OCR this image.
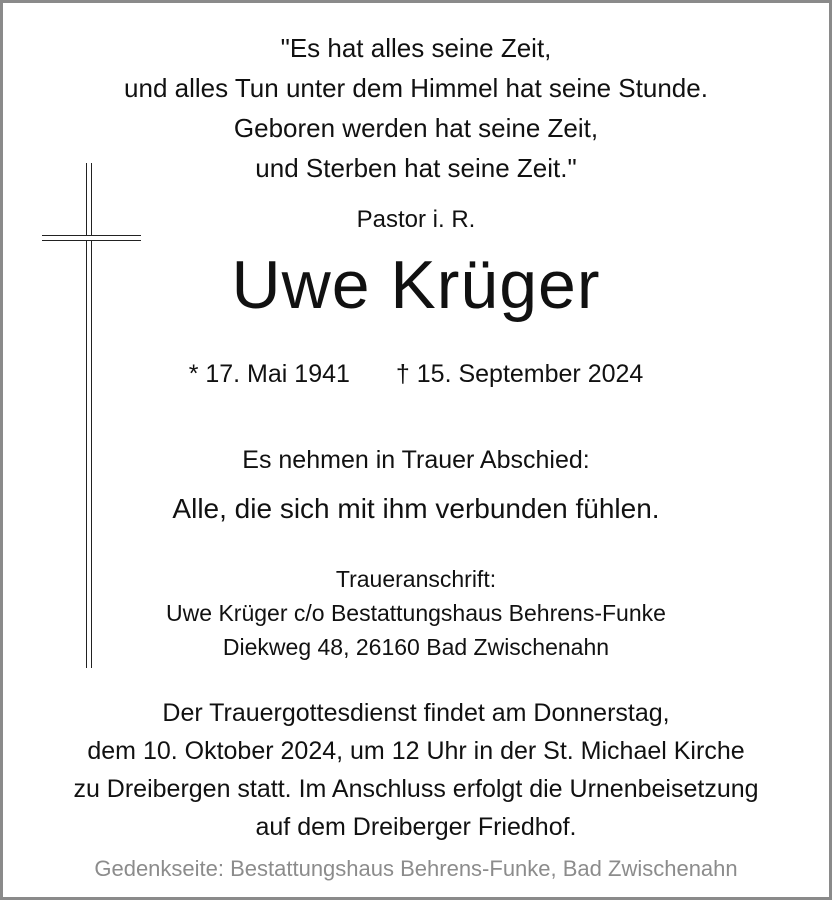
"Es hat alles seine Zeit,
und alles Tun unter dem Himmel hat seine Stunde.
Geboren werden hat seine Zeit,
und Sterben hat seine Zeit."
Pastor i. R.
Uwe Krüger
* 17. Mai 1941 † 15. September 2024
Es nehmen in Trauer Abschied:
Alle, die sich mit ihm verbunden fühlen.
Traueranschrift:
Uwe Krüger c/o Bestattungshaus Behrens-Funke
Diekweg 48, 26160 Bad Zwischenahn
Der Trauergottesdienst findet am Donnerstag,
dem 10. Oktober 2024, um 12 Uhr in der St. Michael Kirche
zu Dreibergen statt. Im Anschluss erfolgt die Urnenbeisetzung
auf dem Dreiberger Friedhof.
Gedenkseite: Bestattungshaus Behrens-Funke, Bad Zwischenahn
